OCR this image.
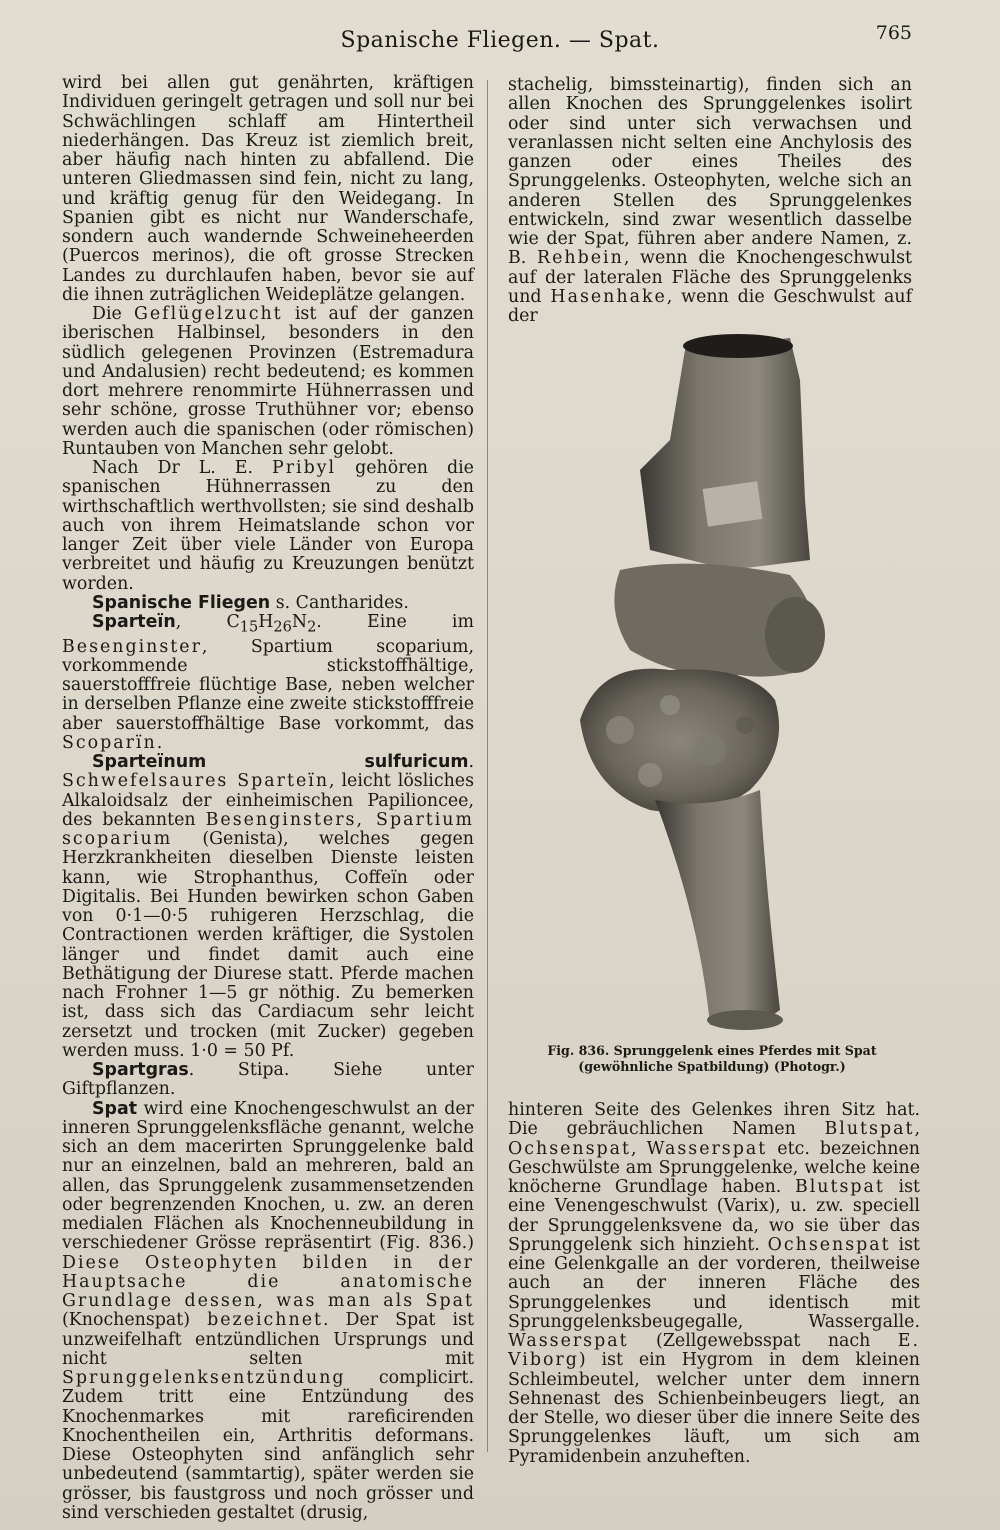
Spanische Fliegen. — Spat.	765

wird bei allen gut genährten, kräftigen Individuen geringelt getragen und soll nur bei Schwächlingen schlaff am Hintertheil niederhängen. Das Kreuz ist ziemlich breit, aber häufig nach hinten zu abfallend. Die unteren Gliedmassen sind fein, nicht zu lang, und kräftig genug für den Weidegang. In Spanien gibt es nicht nur Wanderschafe, sondern auch wandernde Schweineheerden (Puercos merinos), die oft grosse Strecken Landes zu durchlaufen haben, bevor sie auf die ihnen zuträglichen Weideplätze gelangen.

Die Geflügelzucht ist auf der ganzen iberischen Halbinsel, besonders in den südlich gelegenen Provinzen (Estremadura und Andalusien) recht bedeutend; es kommen dort mehrere renommirte Hühnerrassen und sehr schöne, grosse Truthühner vor; ebenso werden auch die spanischen (oder römischen) Runtauben von Manchen sehr gelobt.

Nach Dr L. E. Pribyl gehören die spanischen Hühnerrassen zu den wirthschaftlich werthvollsten; sie sind deshalb auch von ihrem Heimatslande schon vor langer Zeit über viele Länder von Europa verbreitet und häufig zu Kreuzungen benützt worden.

Spanische Fliegen s. Cantharides.

Sparteïn, $C_{15}H_{26}N_2$. Eine im Besenginster, Spartium scoparium, vorkommende stickstoffhältige, sauerstofffreie flüchtige Base, neben welcher in derselben Pflanze eine zweite stickstofffreie aber sauerstoffhältige Base vorkommt, das Scoparïn.

Sparteïnum sulfuricum. Schwefelsaures Sparteïn, leicht lösliches Alkaloidsalz der einheimischen Papilioncee, des bekannten Besenginsters, Spartium scoparium (Genista), welches gegen Herzkrankheiten dieselben Dienste leisten kann, wie Strophanthus, Coffeïn oder Digitalis. Bei Hunden bewirken schon Gaben von 0·1—0·5 ruhigeren Herzschlag, die Contractionen werden kräftiger, die Systolen länger und findet damit auch eine Bethätigung der Diurese statt. Pferde machen nach Frohner 1—5 gr nöthig. Zu bemerken ist, dass sich das Cardiacum sehr leicht zersetzt und trocken (mit Zucker) gegeben werden muss. 1·0 = 50 Pf.

Spartgras. Stipa. Siehe unter Giftpflanzen.

Spat wird eine Knochengeschwulst an der inneren Sprunggelenksfläche genannt, welche sich an dem macerirten Sprunggelenke bald nur an einzelnen, bald an mehreren, bald an allen, das Sprunggelenk zusammensetzenden oder begrenzenden Knochen, u. zw. an deren medialen Flächen als Knochenneubildung in verschiedener Grösse repräsentirt (Fig. 836.) Diese Osteophyten bilden in der Hauptsache die anatomische Grundlage dessen, was man als Spat (Knochenspat) bezeichnet. Der Spat ist unzweifelhaft entzündlichen Ursprungs und nicht selten mit Sprunggelenksentzündung complicirt. Zudem tritt eine Entzündung des Knochenmarkes mit rareficirenden Knochentheilen ein, Arthritis deformans. Diese Osteophyten sind anfänglich sehr unbedeutend (sammtartig), später werden sie grösser, bis faustgross und noch grösser und sind verschieden gestaltet (drusig,

stachelig, bimssteinartig), finden sich an allen Knochen des Sprunggelenkes isolirt oder sind unter sich verwachsen und veranlassen nicht selten eine Anchylosis des ganzen oder eines Theiles des Sprunggelenks. Osteophyten, welche sich an anderen Stellen des Sprunggelenkes entwickeln, sind zwar wesentlich dasselbe wie der Spat, führen aber andere Namen, z. B. Rehbein, wenn die Knochengeschwulst auf der lateralen Fläche des Sprunggelenks und Hasenhake, wenn die Geschwulst auf der

Fig. 836. Sprunggelenk eines Pferdes mit Spat (gewöhnliche Spatbildung) (Photogr.)

hinteren Seite des Gelenkes ihren Sitz hat. Die gebräuchlichen Namen Blutspat, Ochsenspat, Wasserspat etc. bezeichnen Geschwülste am Sprunggelenke, welche keine knöcherne Grundlage haben. Blutspat ist eine Venengeschwulst (Varix), u. zw. speciell der Sprunggelenksvene da, wo sie über das Sprunggelenk sich hinzieht. Ochsenspat ist eine Gelenkgalle an der vorderen, theilweise auch an der inneren Fläche des Sprunggelenkes und identisch mit Sprunggelenksbeugegalle, Wassergalle. Wasserspat (Zellgewebsspat nach E. Viborg) ist ein Hygrom in dem kleinen Schleimbeutel, welcher unter dem innern Sehnenast des Schienbeinbeugers liegt, an der Stelle, wo dieser über die innere Seite des Sprunggelenkes läuft, um sich am Pyramidenbein anzuheften.
